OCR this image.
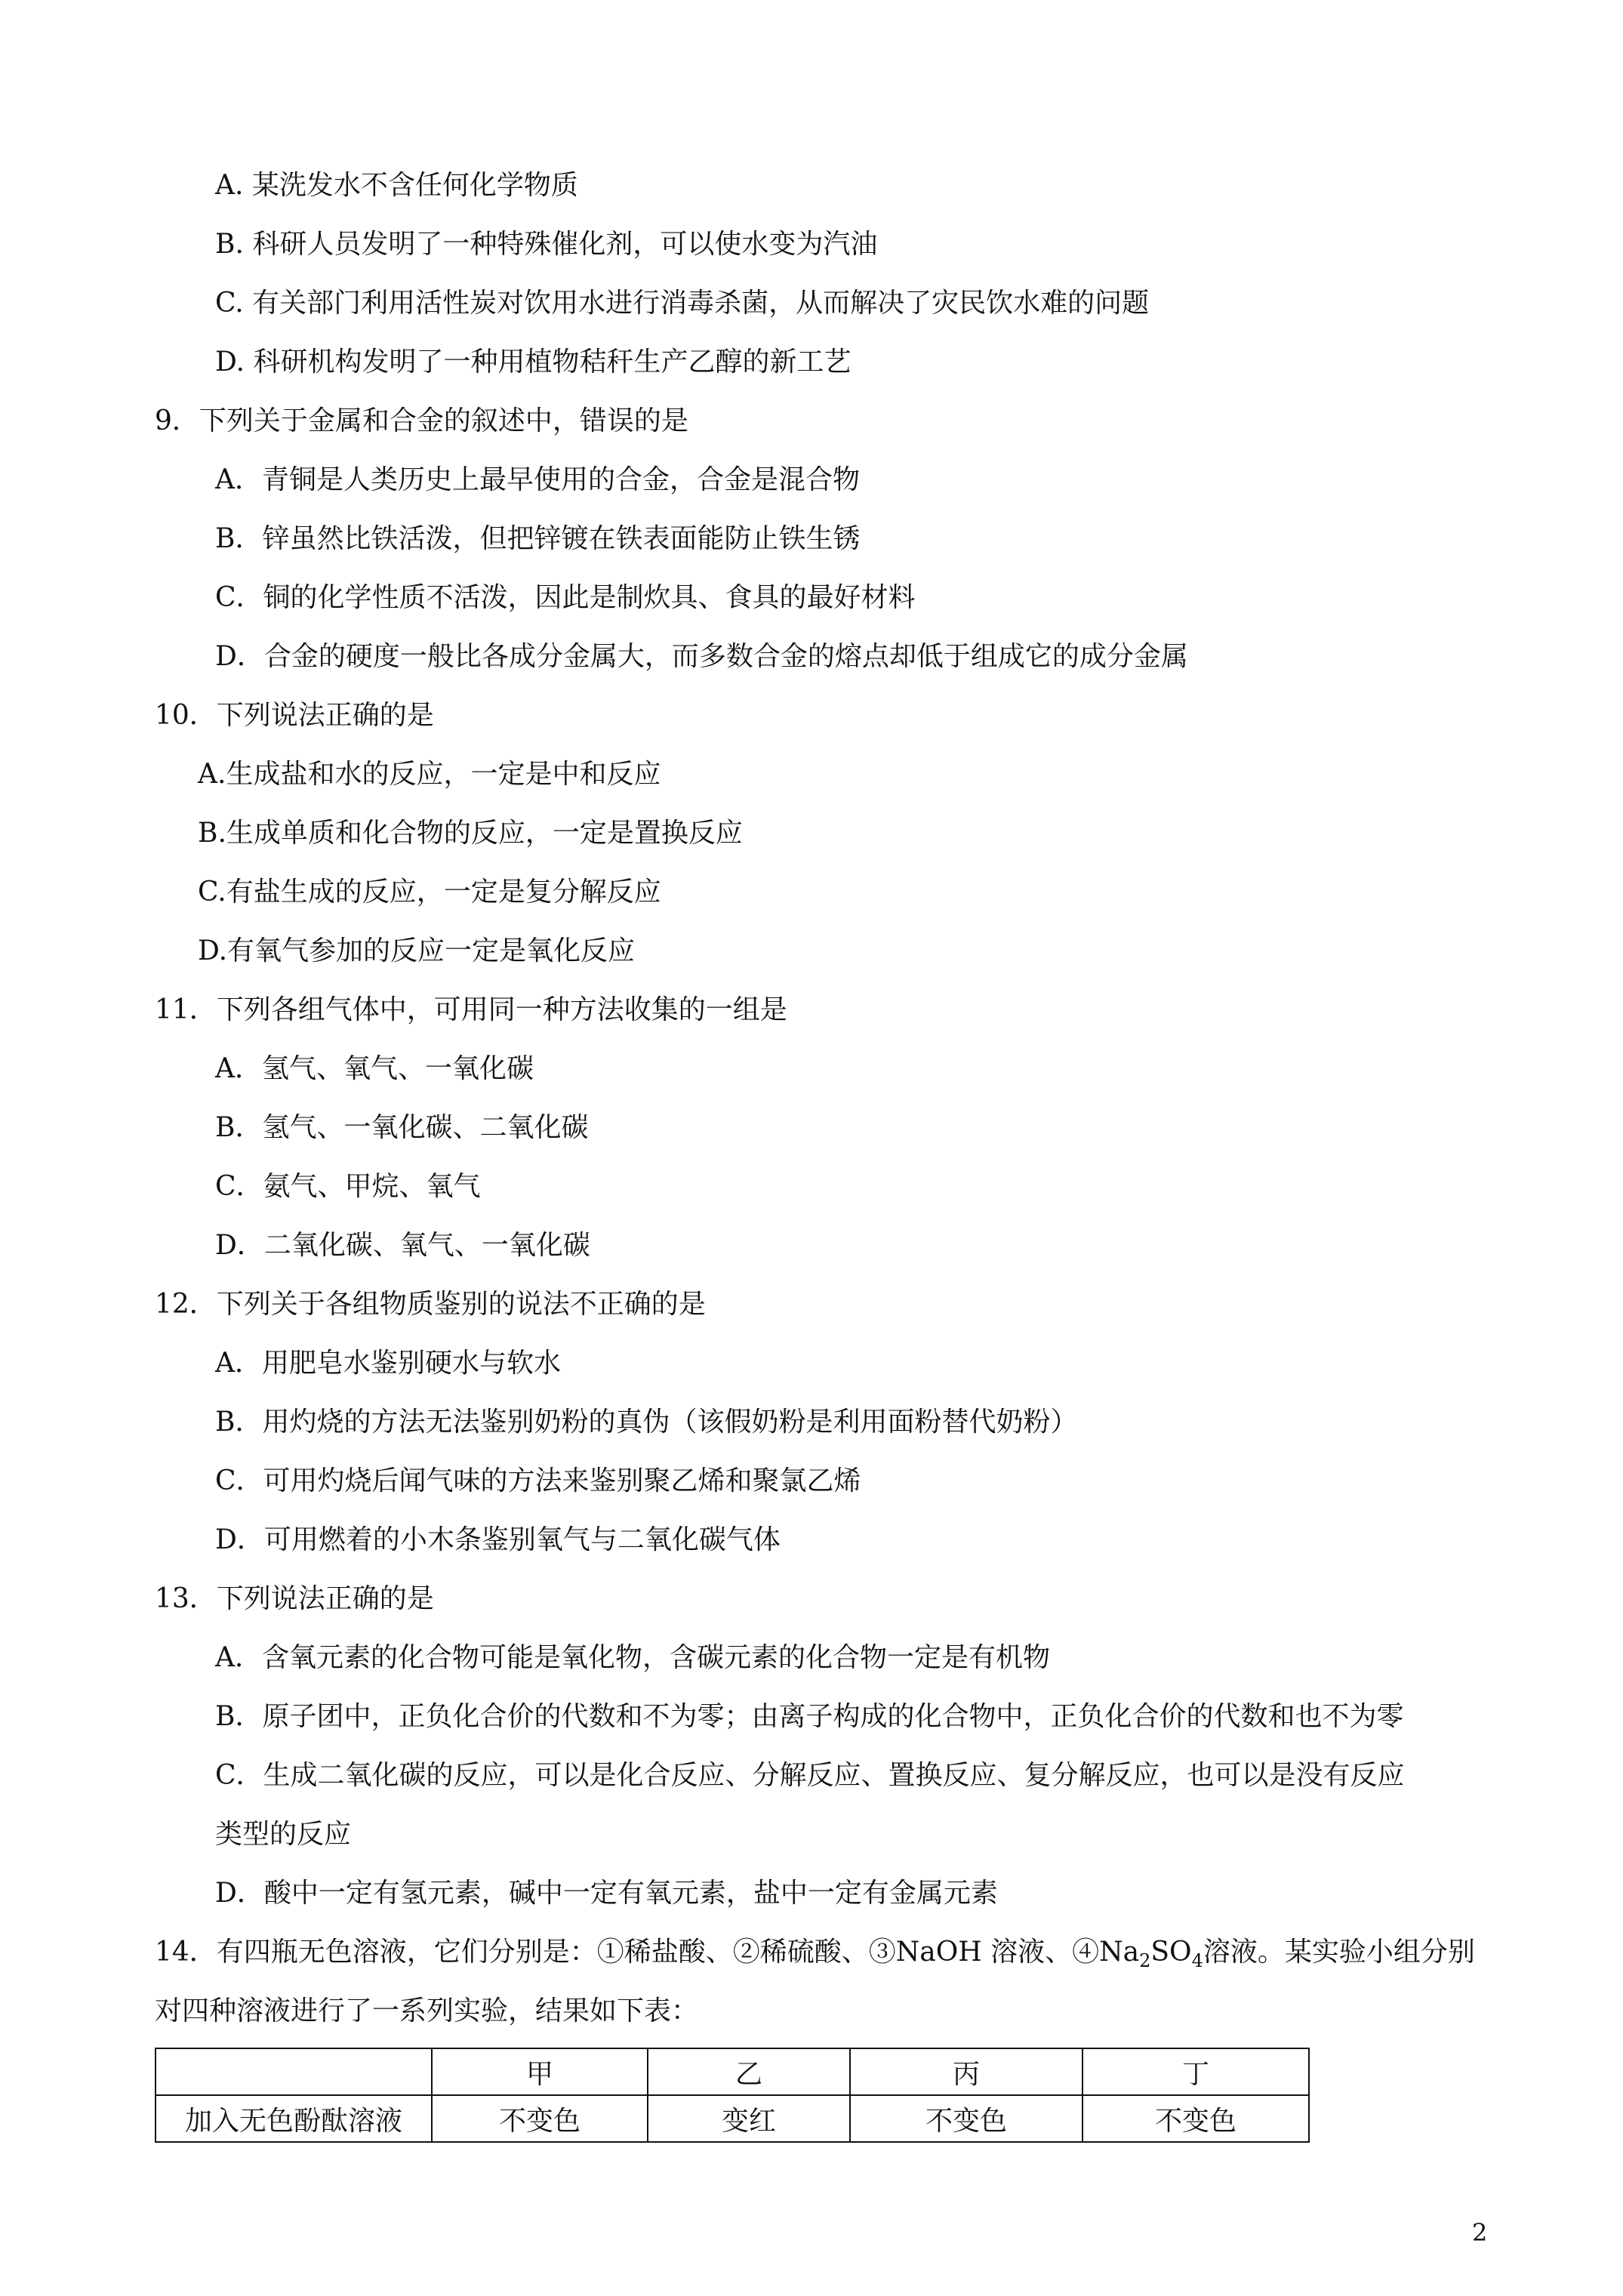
A. 某洗发水不含任何化学物质
B. 科研人员发明了一种特殊催化剂，可以使水变为汽油
C. 有关部门利用活性炭对饮用水进行消毒杀菌，从而解决了灾民饮水难的问题
D. 科研机构发明了一种用植物秸秆生产乙醇的新工艺
9．下列关于金属和合金的叙述中，错误的是
A．青铜是人类历史上最早使用的合金，合金是混合物
B．锌虽然比铁活泼，但把锌镀在铁表面能防止铁生锈
C．铜的化学性质不活泼，因此是制炊具、食具的最好材料
D．合金的硬度一般比各成分金属大，而多数合金的熔点却低于组成它的成分金属
10．下列说法正确的是
A.生成盐和水的反应，一定是中和反应
B.生成单质和化合物的反应，一定是置换反应
C.有盐生成的反应，一定是复分解反应
D.有氧气参加的反应一定是氧化反应
11．下列各组气体中，可用同一种方法收集的一组是
A．氢气、氧气、一氧化碳
B．氢气、一氧化碳、二氧化碳
C．氨气、甲烷、氧气
D．二氧化碳、氧气、一氧化碳
12．下列关于各组物质鉴别的说法不正确的是
A．用肥皂水鉴别硬水与软水
B．用灼烧的方法无法鉴别奶粉的真伪（该假奶粉是利用面粉替代奶粉）
C．可用灼烧后闻气味的方法来鉴别聚乙烯和聚氯乙烯
D．可用燃着的小木条鉴别氧气与二氧化碳气体
13．下列说法正确的是
A．含氧元素的化合物可能是氧化物，含碳元素的化合物一定是有机物
B．原子团中，正负化合价的代数和不为零；由离子构成的化合物中，正负化合价的代数和也不为零
C．生成二氧化碳的反应，可以是化合反应、分解反应、置换反应、复分解反应，也可以是没有反应
类型的反应
D．酸中一定有氢元素，碱中一定有氧元素，盐中一定有金属元素
14．有四瓶无色溶液，它们分别是：①稀盐酸、②稀硫酸、③NaOH 溶液、$④Na_2SO_4$溶液。某实验小组分别
对四种溶液进行了一系列实验，结果如下表：
	甲	乙	丙	丁
加入无色酚酞溶液	不变色	变红	不变色	不变色
2
